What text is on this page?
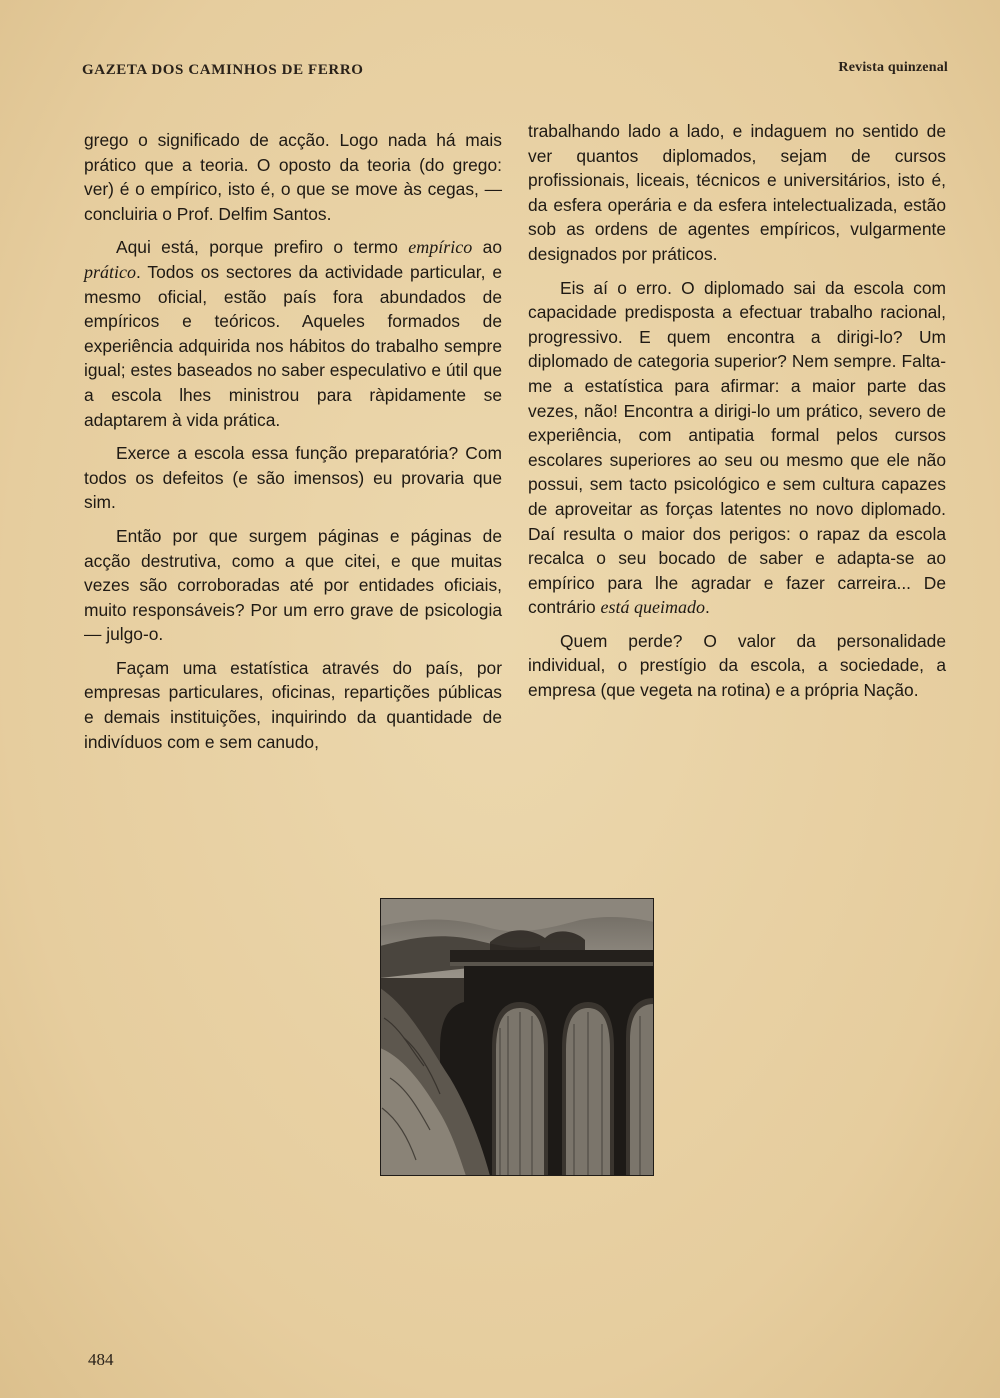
GAZETA DOS CAMINHOS DE FERRO	Revista quinzenal

grego o significado de acção. Logo nada há mais prático que a teoria. O oposto da teoria (do grego: ver) é o empírico, isto é, o que se move às cegas, — concluiria o Prof. Delfim Santos.

Aqui está, porque prefiro o termo empírico ao prático. Todos os sectores da actividade particular, e mesmo oficial, estão país fora abundados de empíricos e teóricos. Aqueles formados de experiência adquirida nos hábitos do trabalho sempre igual; estes baseados no saber especulativo e útil que a escola lhes ministrou para ràpidamente se adaptarem à vida prática.

Exerce a escola essa função preparatória? Com todos os defeitos (e são imensos) eu provaria que sim.

Então por que surgem páginas e páginas de acção destrutiva, como a que citei, e que muitas vezes são corroboradas até por entidades oficiais, muito responsáveis? Por um erro grave de psicologia — julgo-o.

Façam uma estatística através do país, por empresas particulares, oficinas, repartições públicas e demais instituições, inquirindo da quantidade de indivíduos com e sem canudo,

trabalhando lado a lado, e indaguem no sentido de ver quantos diplomados, sejam de cursos profissionais, liceais, técnicos e universitários, isto é, da esfera operária e da esfera intelectualizada, estão sob as ordens de agentes empíricos, vulgarmente designados por práticos.

Eis aí o erro. O diplomado sai da escola com capacidade predisposta a efectuar trabalho racional, progressivo. E quem encontra a dirigi-lo? Um diplomado de categoria superior? Nem sempre. Falta-me a estatística para afirmar: a maior parte das vezes, não! Encontra a dirigi-lo um prático, severo de experiência, com antipatia formal pelos cursos escolares superiores ao seu ou mesmo que ele não possui, sem tacto psicológico e sem cultura capazes de aproveitar as forças latentes no novo diplomado. Daí resulta o maior dos perigos: o rapaz da escola recalca o seu bocado de saber e adapta-se ao empírico para lhe agradar e fazer carreira... De contrário está queimado.

Quem perde? O valor da personalidade individual, o prestígio da escola, a sociedade, a empresa (que vegeta na rotina) e a própria Nação.

484
